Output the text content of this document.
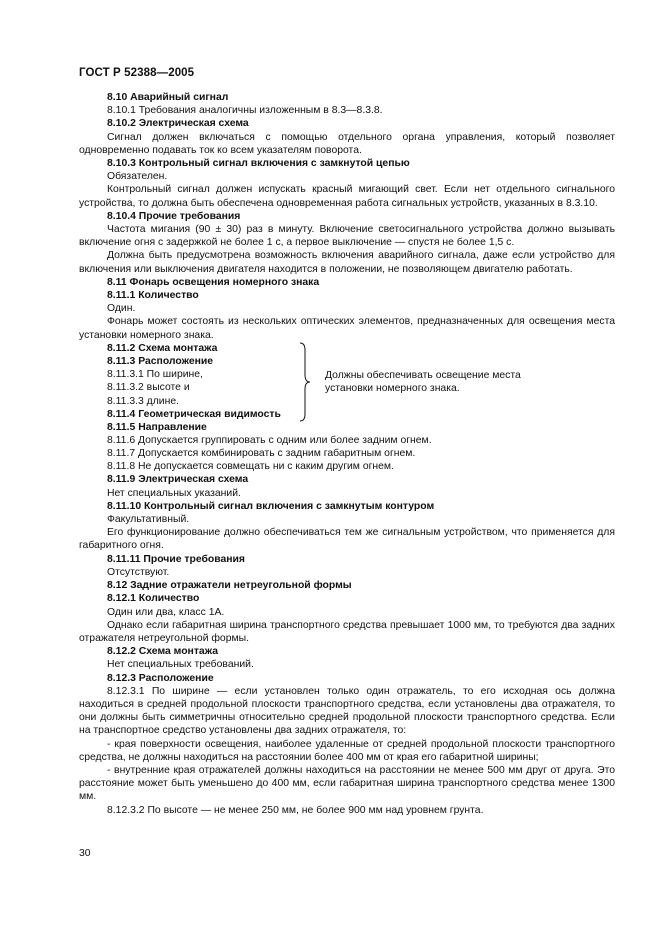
ГОСТ Р 52388—2005

8.10 Аварийный сигнал

8.10.1 Требования аналогичны изложенным в 8.3—8.3.8.

8.10.2 Электрическая схема

Сигнал должен включаться с помощью отдельного органа управления, который позволяет одновременно подавать ток ко всем указателям поворота.

8.10.3 Контрольный сигнал включения с замкнутой цепью

Обязателен.

Контрольный сигнал должен испускать красный мигающий свет. Если нет отдельного сигнального устройства, то должна быть обеспечена одновременная работа сигнальных устройств, указанных в 8.3.10.

8.10.4 Прочие требования

Частота мигания (90 ± 30) раз в минуту. Включение светосигнального устройства должно вызывать включение огня с задержкой не более 1 с, а первое выключение — спустя не более 1,5 с.

Должна быть предусмотрена возможность включения аварийного сигнала, даже если устройство для включения или выключения двигателя находится в положении, не позволяющем двигателю работать.

8.11 Фонарь освещения номерного знака

8.11.1 Количество

Один.

Фонарь может состоять из нескольких оптических элементов, предназначенных для освещения места установки номерного знака.

8.11.2 Схема монтажа

8.11.3 Расположение

8.11.3.1 По ширине,

8.11.3.2 высоте и

8.11.3.3 длине.

8.11.4 Геометрическая видимость

8.11.5 Направление

Должны обеспечивать освещение места установки номерного знака.

8.11.6 Допускается группировать с одним или более задним огнем.

8.11.7 Допускается комбинировать с задним габаритным огнем.

8.11.8 Не допускается совмещать ни с каким другим огнем.

8.11.9 Электрическая схема

Нет специальных указаний.

8.11.10 Контрольный сигнал включения с замкнутым контуром

Факультативный.

Его функционирование должно обеспечиваться тем же сигнальным устройством, что применяется для габаритного огня.

8.11.11 Прочие требования

Отсутствуют.

8.12 Задние отражатели нетреугольной формы

8.12.1 Количество

Один или два, класс 1А.

Однако если габаритная ширина транспортного средства превышает 1000 мм, то требуются два задних отражателя нетреугольной формы.

8.12.2 Схема монтажа

Нет специальных требований.

8.12.3 Расположение

8.12.3.1 По ширине — если установлен только один отражатель, то его исходная ось должна находиться в средней продольной плоскости транспортного средства, если установлены два отражателя, то они должны быть симметричны относительно средней продольной плоскости транспортного средства. Если на транспортное средство установлены два задних отражателя, то:

- края поверхности освещения, наиболее удаленные от средней продольной плоскости транспортного средства, не должны находиться на расстоянии более 400 мм от края его габаритной ширины;

- внутренние края отражателей должны находиться на расстоянии не менее 500 мм друг от друга. Это расстояние может быть уменьшено до 400 мм, если габаритная ширина транспортного средства менее 1300 мм.

8.12.3.2 По высоте — не менее 250 мм, не более 900 мм над уровнем грунта.

30
